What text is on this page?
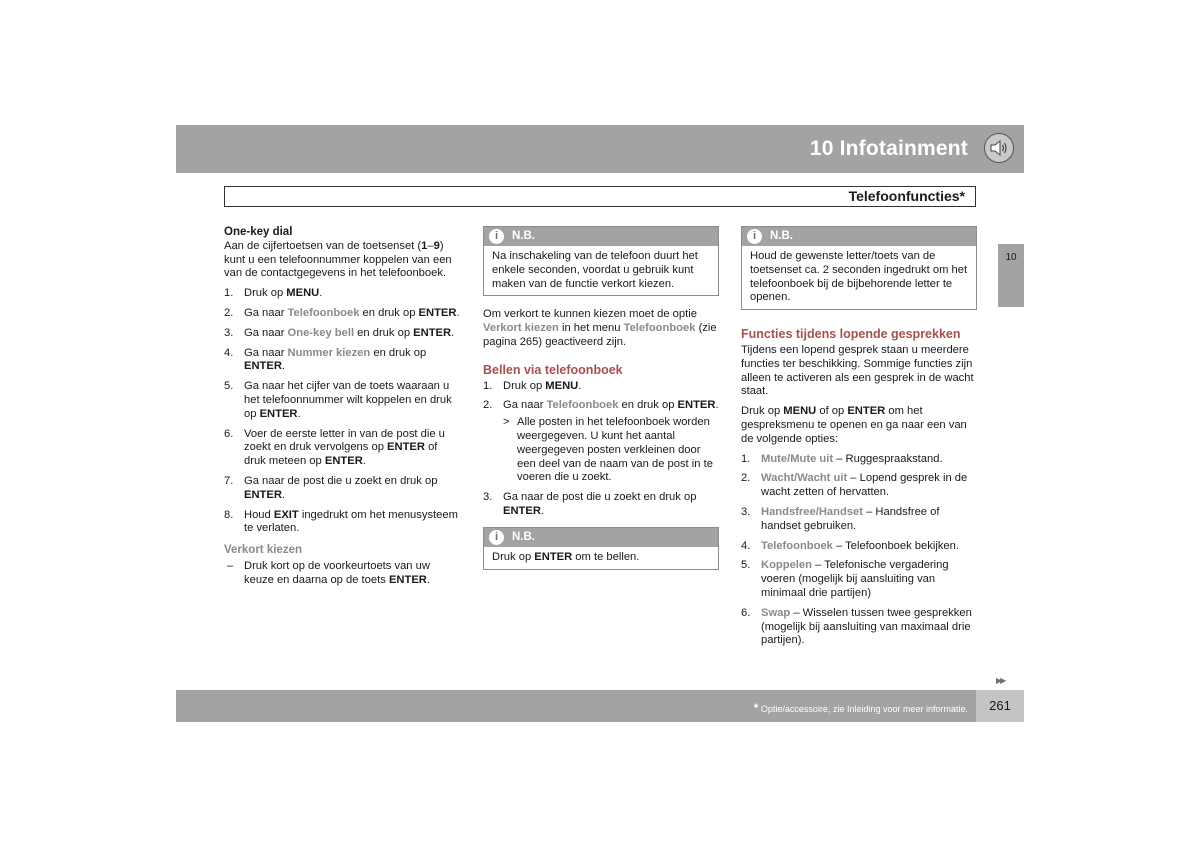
10 Infotainment
Telefoonfuncties*
10
One-key dial

Aan de cijfertoetsen van de toetsenset (1–9) kunt u een telefoonnummer koppelen van een van de contactgegevens in het telefoonboek.

1. Druk op MENU.
2. Ga naar Telefoonboek en druk op ENTER.
3. Ga naar One-key bell en druk op ENTER.
4. Ga naar Nummer kiezen en druk op ENTER.
5. Ga naar het cijfer van de toets waaraan u het telefoonnummer wilt koppelen en druk op ENTER.
6. Voer de eerste letter in van de post die u zoekt en druk vervolgens op ENTER of druk meteen op ENTER.
7. Ga naar de post die u zoekt en druk op ENTER.
8. Houd EXIT ingedrukt om het menusysteem te verlaten.
Verkort kiezen
– Druk kort op de voorkeurtoets van uw keuze en daarna op de toets ENTER.
i	N.B.
Na inschakeling van de telefoon duurt het enkele seconden, voordat u gebruik kunt maken van de functie verkort kiezen.

Om verkort te kunnen kiezen moet de optie Verkort kiezen in het menu Telefoonboek (zie pagina 265) geactiveerd zijn.

Bellen via telefoonboek
1. Druk op MENU.
2. Ga naar Telefoonboek en druk op ENTER.
> Alle posten in het telefoonboek worden weergegeven. U kunt het aantal weergegeven posten verkleinen door een deel van de naam van de post in te voeren die u zoekt.
3. Ga naar de post die u zoekt en druk op ENTER.
i	N.B.
Druk op ENTER om te bellen.
i	N.B.
Houd de gewenste letter/toets van de toetsenset ca. 2 seconden ingedrukt om het telefoonboek bij de bijbehorende letter te openen.
Functies tijdens lopende gesprekken

Tijdens een lopend gesprek staan u meerdere functies ter beschikking. Sommige functies zijn alleen te activeren als een gesprek in de wacht staat.

Druk op MENU of op ENTER om het gespreksmenu te openen en ga naar een van de volgende opties:

1. Mute/Mute uit – Ruggespraakstand.
2. Wacht/Wacht uit – Lopend gesprek in de wacht zetten of hervatten.
3. Handsfree/Handset – Handsfree of handset gebruiken.
4. Telefoonboek – Telefoonboek bekijken.
5. Koppelen – Telefonische vergadering voeren (mogelijk bij aansluiting van minimaal drie partijen)
6. Swap – Wisselen tussen twee gesprekken (mogelijk bij aansluiting van maximaal drie partijen).
▶▶
* Optie/accessoire, zie Inleiding voor meer informatie.	261
